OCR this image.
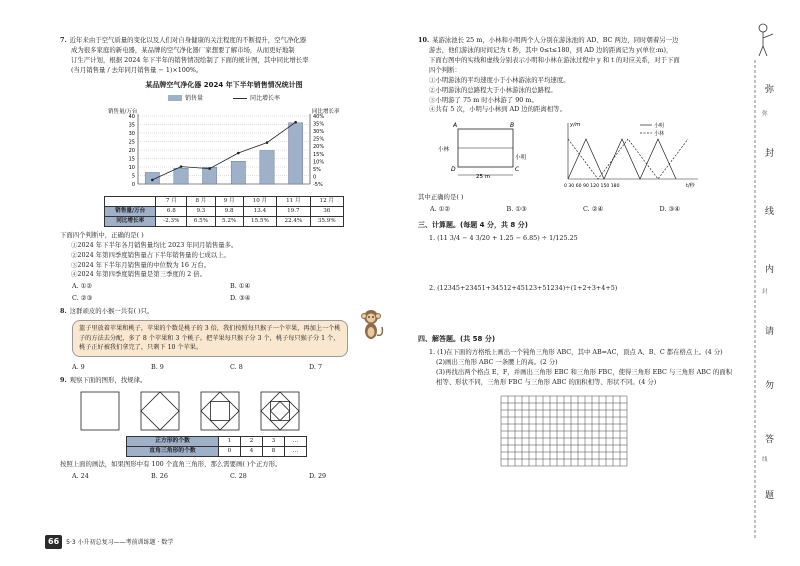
7. 近年来由于空气质量的变化以及人们对自身健康的关注程度的不断提升，空气净化器
成为很多家庭的新电器，某品牌的空气净化器厂家想要了解市场，从而更好地制
订生产计划，根据 2024 年下半年的销售情况绘制了下面的统计图，其中同比增长率
(当月销售量 / 去年同月销售量 − 1)×100%。
某品牌空气净化器 2024 年下半年销售情况统计图
销售量	同比增长率
销售量/万台	同比增长率
0
5
10
15
20
25
30
35
40
-5%
0
5%
10%
15%
20%
25%
30%
35%
40%
	7 月	8 月	9 月	10 月	11 月	12 月
销售量/万台	6.8	9.3	9.8	13.4	19.7	36
同比增长率	-2.3%	6.5%	5.2%	15.5%	22.4%	35.9%
下面四个判断中，正确的是( )
①2024 年下半年各月销售量均比 2023 年同月销售量多。
②2024 年第四季度销售量占下半年销售量的七成以上。
③2024 年下半年月销售量的中位数为 16 万台。
④2024 年第四季度销售量是第三季度的 2 倍。
A. ①②	B. ①④
C. ②③	D. ③④
8. 这群顽皮的小猴一共有( )只。
篮子里放着苹果和桃子，苹果的个数是桃子的 3 倍，我们按照每只猴子一个苹果，再加上一个桃子的方法去分配，多了 8 个苹果和 3 个桃子。把苹果每只猴子分 3 个，桃子每只猴子分 1 个，桃子正好被我们拿完了，只剩下 10 个苹果。
A. 9	B. 9	C. 8	D. 7
9. 观察下面的图形，找规律。
正方形的个数	1	2	3	…
直角三角形的个数	0	4	8	…
按照上面的画法，如果图形中有 100 个直角三角形，那么需要画( )个正方形。
A. 24	B. 26	C. 28	D. 29
10. 某游泳池长 25 m，小林和小明两个人分别在游泳池的 AD、BC 两边，同时朝着另一边
游去，他们游泳的时间记为 t 秒，其中 0≤t≤180，到 AD 边的距离记为 y(单位:m)，
下面右图中的实线和虚线分别表示小明和小林在游泳过程中 y 和 t 的对应关系，对于下面
四个判断：
①小明游泳的平均速度小于小林游泳的平均速度。
②小明游泳的总路程大于小林游泳的总路程。
③小明游了 75 m 时小林游了 90 m。
④共有 5 次，小明与小林到 AD 边的距离相等。
A	B
D	C
小林
小明
25 m
y/m
t/秒
0 30 60 90 120 150 180
小明
小林
其中正确的是( )
A. ①②	B. ①③	C. ②④	D. ③④
三、计算题。(每题 4 分，共 8 分)
1. (11 3/4 − 4 3/20 + 1.25 − 6.85) ÷ 1/125.25
2. (12345+23451+34512+45123+51234)÷(1+2+3+4+5)
四、解答题。(共 58 分)
1. (1)在下面的方格纸上画出一个钝角三角形 ABC，其中 AB=AC，顶点 A、B、C 都在格点上。(4 分)
(2)画出三角形 ABC 一条腰上的高。(2 分)
(3)再找出两个格点 E、F，并画出三角形 EBC 和三角形 FBC，使得三角形 EBC 与三角形 ABC 的面积相等、形状不同，三角形 FBC 与三角形 ABC 的面积相等、形状不同。(4 分)
弥
弥
封
线
内
封
请
勿
答
线
题
66	5·3 小升初总复习——考前训练题 · 数学
